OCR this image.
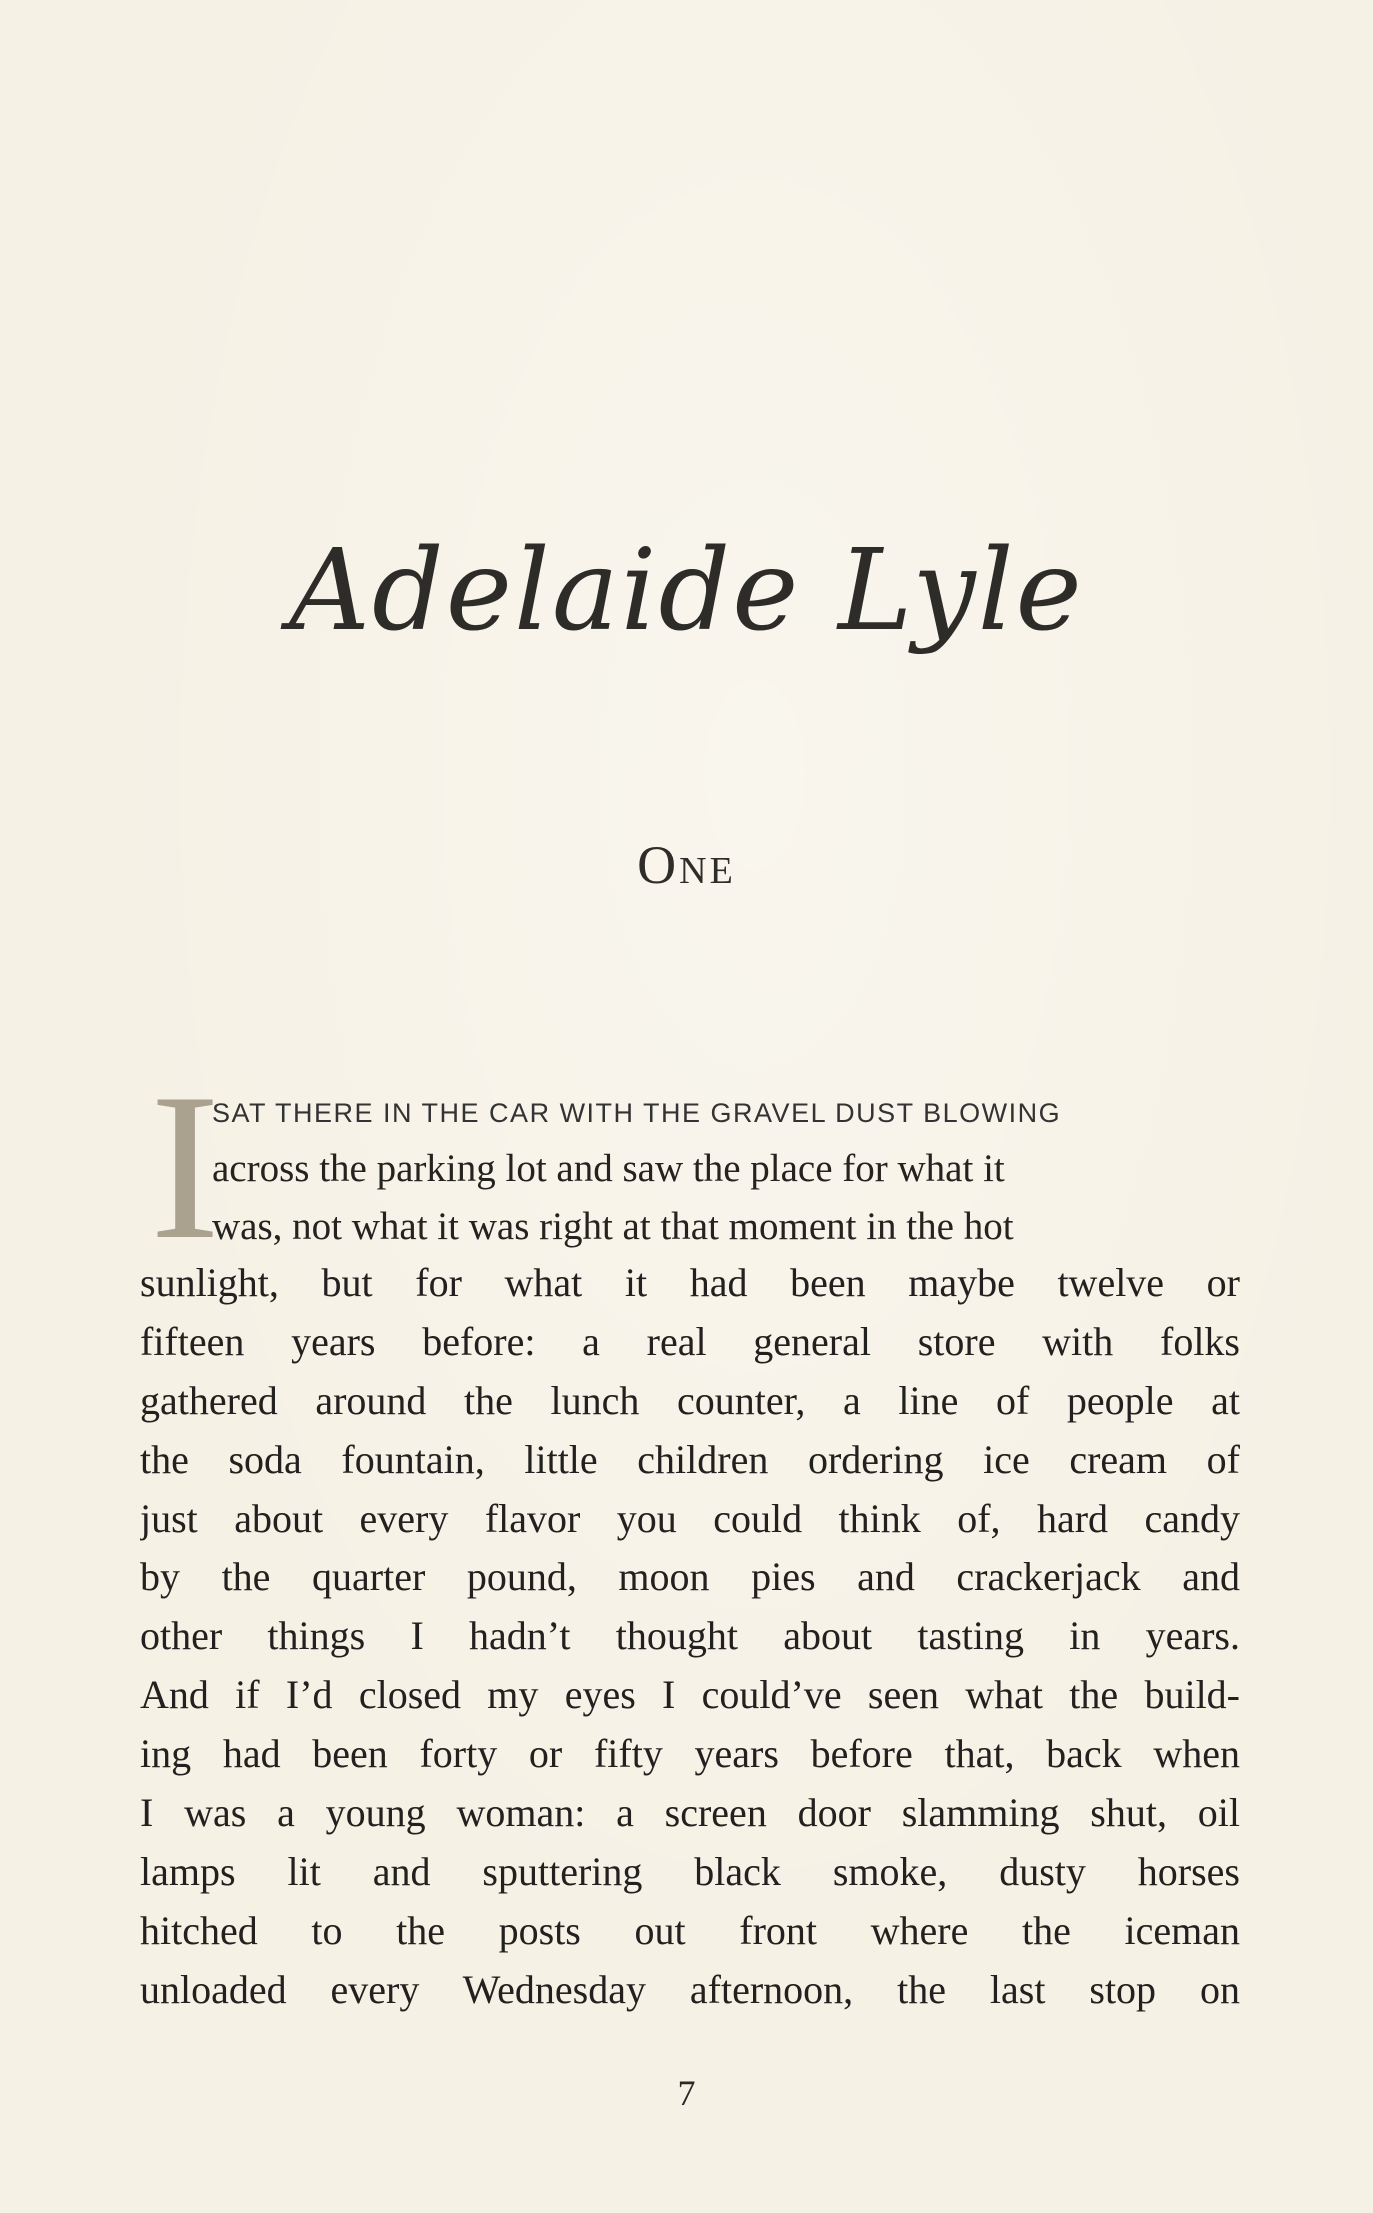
Adelaide Lyle
One
I
SAT THERE IN THE CAR WITH THE GRAVEL DUST BLOWING
across the parking lot and saw the place for what it
was, not what it was right at that moment in the hot
sunlight, but for what it had been maybe twelve or
fifteen years before: a real general store with folks
gathered around the lunch counter, a line of people at
the soda fountain, little children ordering ice cream of
just about every flavor you could think of, hard candy
by the quarter pound, moon pies and crackerjack and
other things I hadn’t thought about tasting in years.
And if I’d closed my eyes I could’ve seen what the build-
ing had been forty or fifty years before that, back when
I was a young woman: a screen door slamming shut, oil
lamps lit and sputtering black smoke, dusty horses
hitched to the posts out front where the iceman
unloaded every Wednesday afternoon, the last stop on
7
